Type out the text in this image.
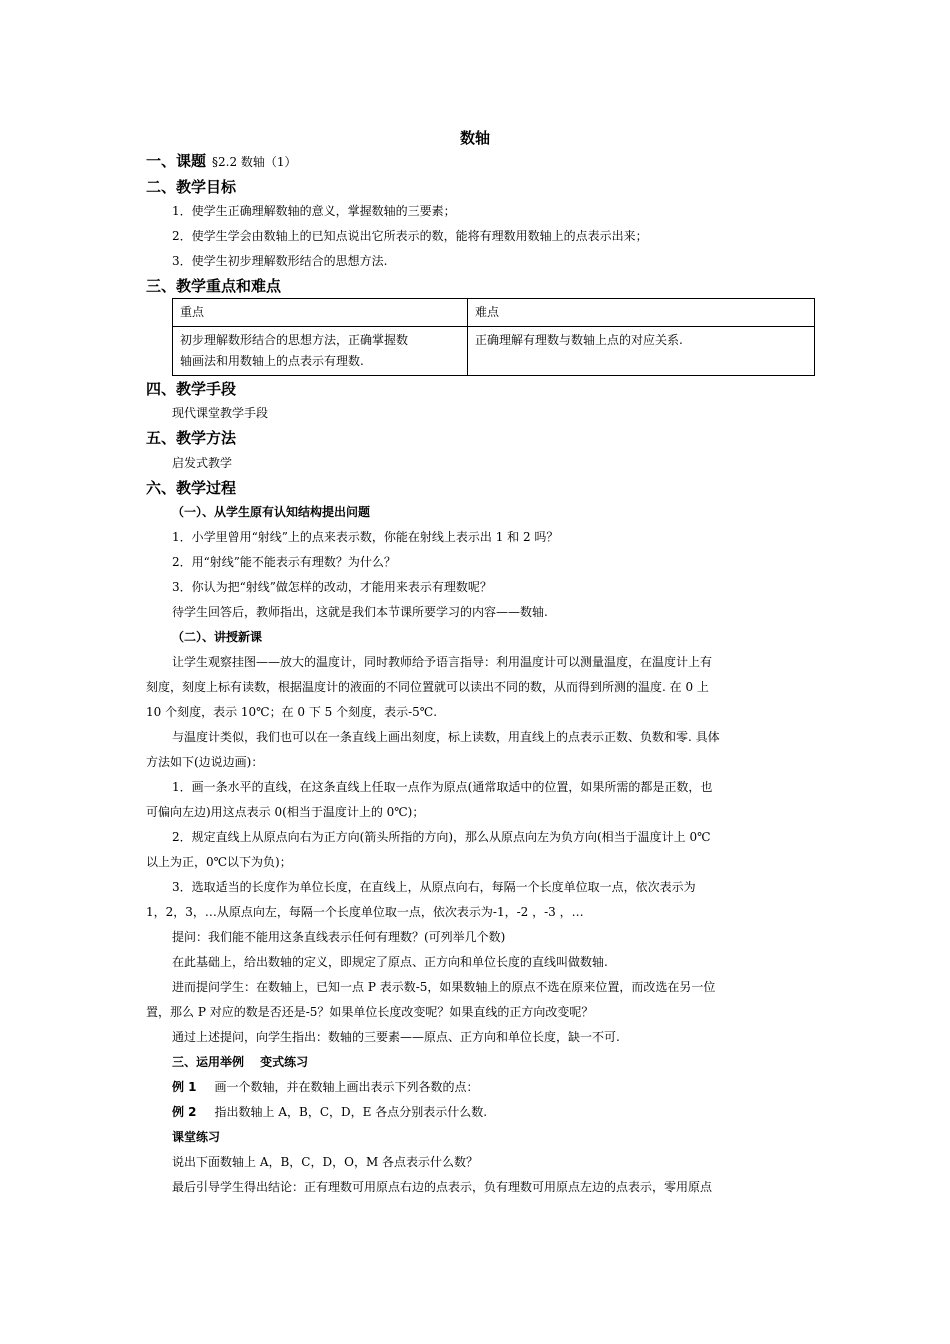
数轴
一、课题 §2.2 数轴（1）
二、教学目标
1．使学生正确理解数轴的意义，掌握数轴的三要素；
2．使学生学会由数轴上的已知点说出它所表示的数，能将有理数用数轴上的点表示出来；
3．使学生初步理解数形结合的思想方法.
三、教学重点和难点
重点	难点

初步理解数形结合的思想方法，正确掌握数
轴画法和用数轴上的点表示有理数.	正确理解有理数与数轴上点的对应关系.
四、教学手段
现代课堂教学手段
五、教学方法
启发式教学
六、教学过程
（一）、从学生原有认知结构提出问题
1．小学里曾用“射线”上的点来表示数，你能在射线上表示出 1 和 2 吗？
2．用“射线”能不能表示有理数？为什么？
3．你认为把“射线”做怎样的改动，才能用来表示有理数呢？
待学生回答后，教师指出，这就是我们本节课所要学习的内容——数轴.
（二）、讲授新课
让学生观察挂图——放大的温度计，同时教师给予语言指导：利用温度计可以测量温度，在温度计上有
刻度，刻度上标有读数，根据温度计的液面的不同位置就可以读出不同的数，从而得到所测的温度. 在 0 上
10 个刻度，表示 10℃；在 0 下 5 个刻度，表示-5℃.
与温度计类似，我们也可以在一条直线上画出刻度，标上读数，用直线上的点表示正数、负数和零. 具体
方法如下(边说边画)：
1．画一条水平的直线，在这条直线上任取一点作为原点(通常取适中的位置，如果所需的都是正数，也
可偏向左边)用这点表示 0(相当于温度计上的 0℃)；
2．规定直线上从原点向右为正方向(箭头所指的方向)，那么从原点向左为负方向(相当于温度计上 0℃
以上为正，0℃以下为负)；
3．选取适当的长度作为单位长度，在直线上，从原点向右，每隔一个长度单位取一点，依次表示为
1，2，3，…从原点向左，每隔一个长度单位取一点，依次表示为-1，-2 ，-3 ，…
提问：我们能不能用这条直线表示任何有理数？(可列举几个数)
在此基础上，给出数轴的定义，即规定了原点、正方向和单位长度的直线叫做数轴.
进而提问学生：在数轴上，已知一点 P 表示数-5，如果数轴上的原点不选在原来位置，而改选在另一位
置，那么 P 对应的数是否还是-5？如果单位长度改变呢？如果直线的正方向改变呢？
通过上述提问，向学生指出：数轴的三要素——原点、正方向和单位长度，缺一不可.
三、运用举例　 变式练习
例 1 画一个数轴，并在数轴上画出表示下列各数的点：
例 2 指出数轴上 A，B，C，D，E 各点分别表示什么数.
课堂练习
说出下面数轴上 A，B，C，D，O，M 各点表示什么数？
最后引导学生得出结论：正有理数可用原点右边的点表示，负有理数可用原点左边的点表示，零用原点
